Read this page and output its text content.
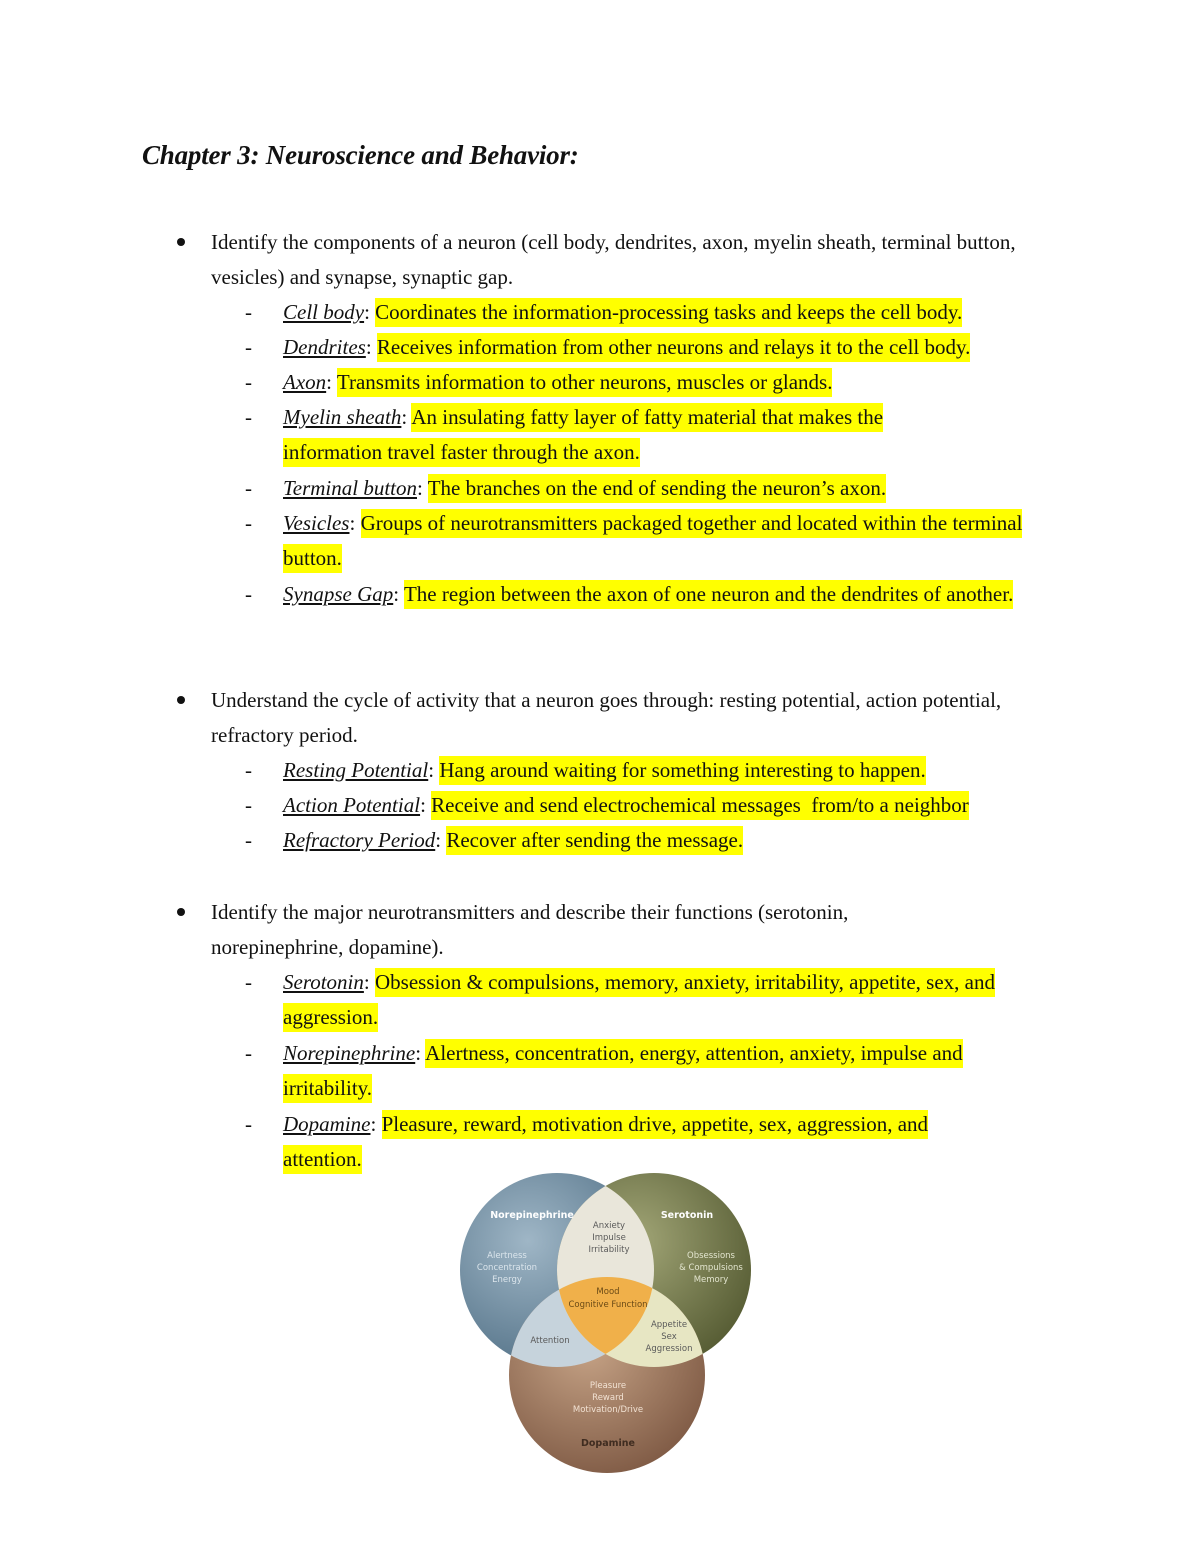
Chapter 3: Neuroscience and Behavior:

Identify the components of a neuron (cell body, dendrites, axon, myelin sheath, terminal button, vesicles) and synapse, synaptic gap.

- Cell body: Coordinates the information-processing tasks and keeps the cell body.

- Dendrites: Receives information from other neurons and relays it to the cell body.

- Axon: Transmits information to other neurons, muscles or glands.

- Myelin sheath: An insulating fatty layer of fatty material that makes the information travel faster through the axon.

- Terminal button: The branches on the end of sending the neuron’s axon.

- Vesicles: Groups of neurotransmitters packaged together and located within the terminal button.

- Synapse Gap: The region between the axon of one neuron and the dendrites of another.

Understand the cycle of activity that a neuron goes through: resting potential, action potential, refractory period.

- Resting Potential: Hang around waiting for something interesting to happen.

- Action Potential: Receive and send electrochemical messages  from/to a neighbor

- Refractory Period: Recover after sending the message.

Identify the major neurotransmitters and describe their functions (serotonin, norepinephrine, dopamine).

- Serotonin: Obsession & compulsions, memory, anxiety, irritability, appetite, sex, and aggression.

- Norepinephrine: Alertness, concentration, energy, attention, anxiety, impulse and irritability.

- Dopamine: Pleasure, reward, motivation drive, appetite, sex, aggression, and attention.

Norepinephrine
Alertness
Concentration
Energy
Serotonin
Obsessions
& Compulsions
Memory
Dopamine
Pleasure
Reward
Motivation/Drive
Anxiety
Impulse
Irritability
Attention
Appetite
Sex
Aggression
Mood
Cognitive Function
